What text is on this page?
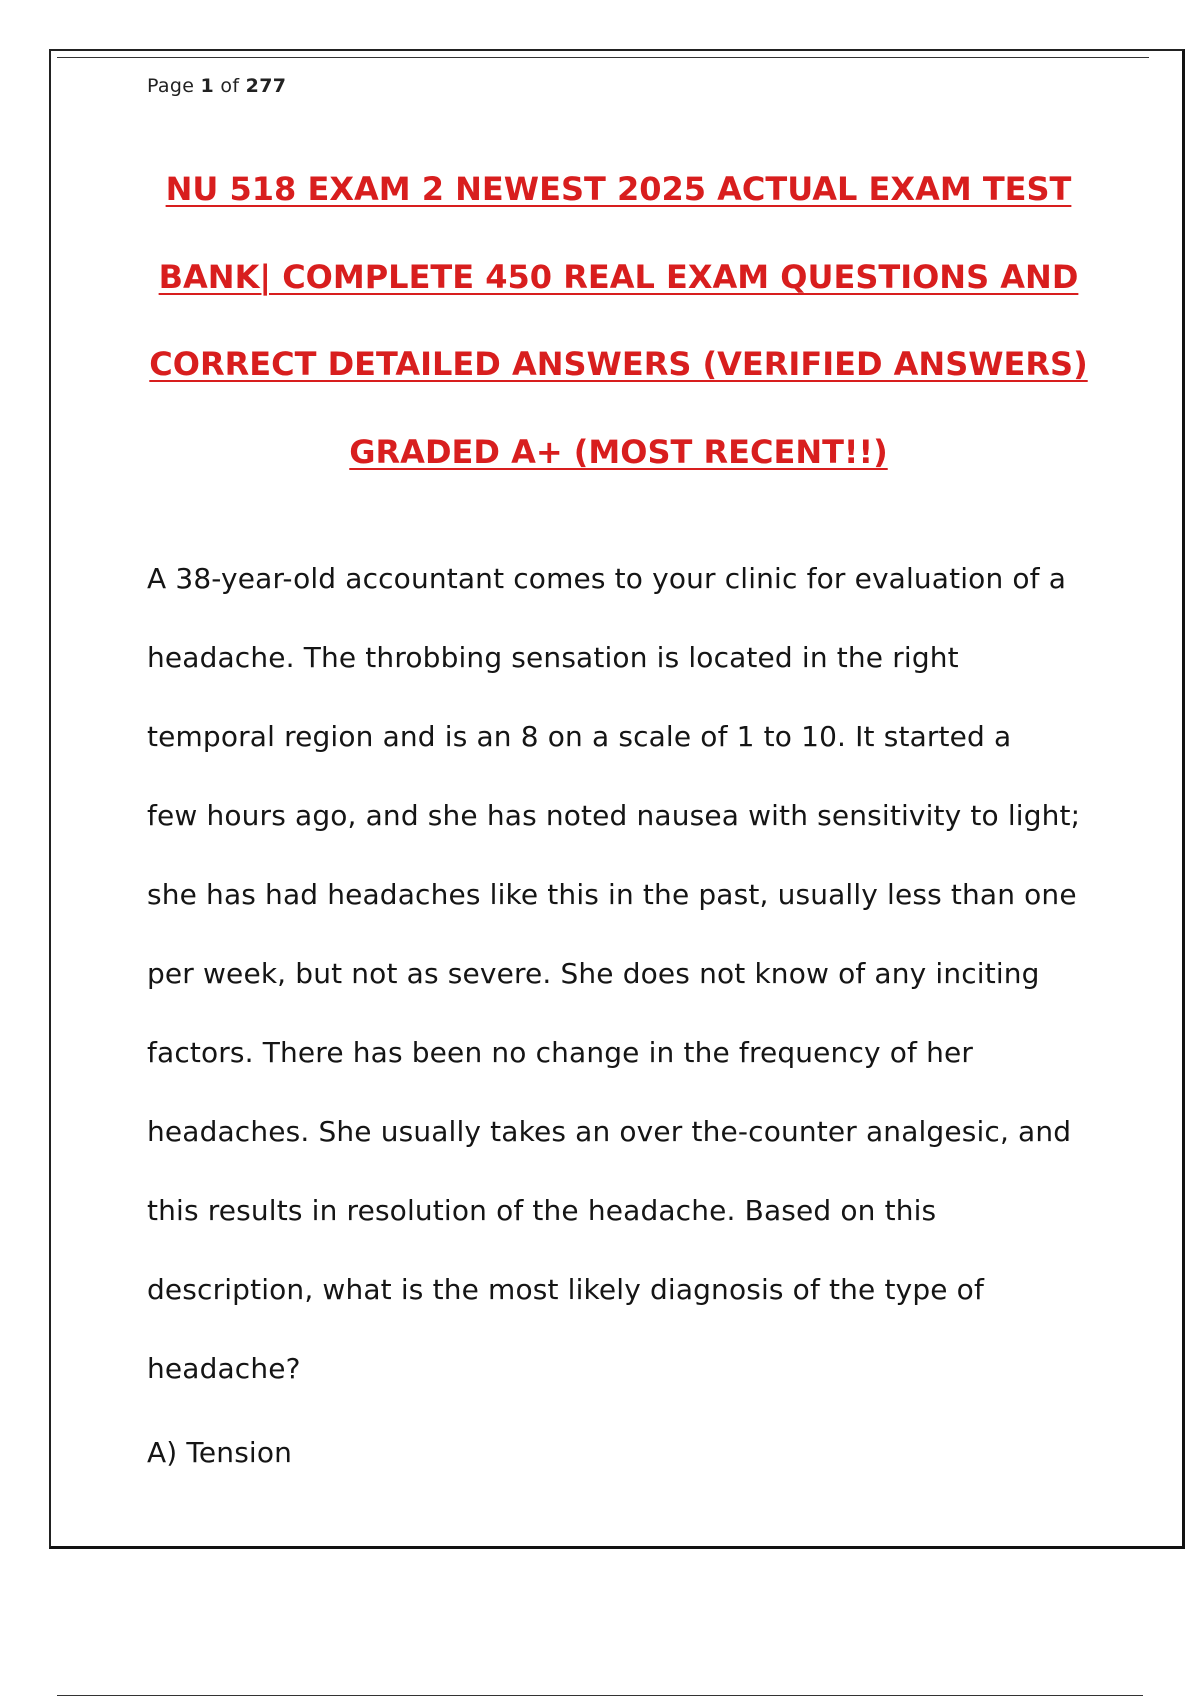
Page 1 of 277
NU 518 EXAM 2 NEWEST 2025 ACTUAL EXAM TEST
BANK| COMPLETE 450 REAL EXAM QUESTIONS AND
CORRECT DETAILED ANSWERS (VERIFIED ANSWERS)
GRADED A+ (MOST RECENT!!)
A 38-year-old accountant comes to your clinic for evaluation of a
headache. The throbbing sensation is located in the right
temporal region and is an 8 on a scale of 1 to 10. It started a
few hours ago, and she has noted nausea with sensitivity to light;
she has had headaches like this in the past, usually less than one
per week, but not as severe. She does not know of any inciting
factors. There has been no change in the frequency of her
headaches. She usually takes an over the-counter analgesic, and
this results in resolution of the headache. Based on this
description, what is the most likely diagnosis of the type of
headache?
A) Tension
